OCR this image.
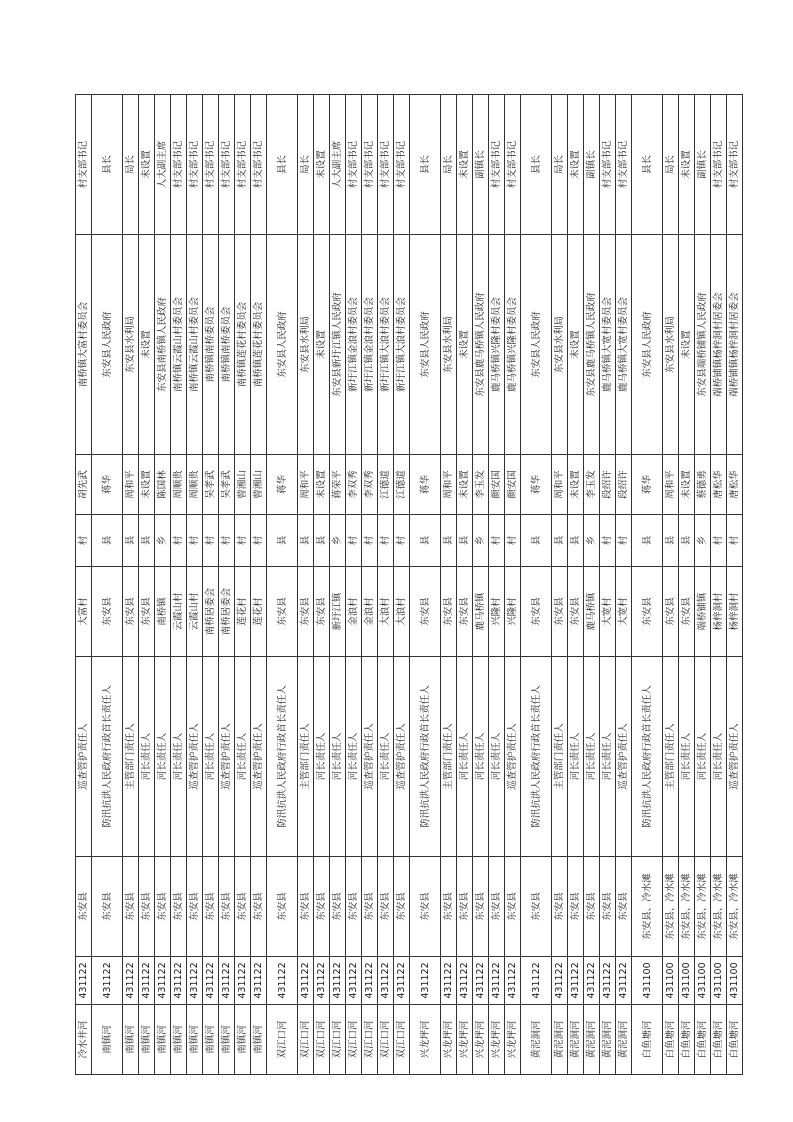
冷水井河	431122	东安县	巡查管护责任人	大富村	村	胡先武	南桥镇大富村委员会	村支部书记
南镇河	431122	东安县	防汛抗洪人民政府行政首长责任人	东安县	县	蒋华	东安县人民政府	县长
南镇河	431122	东安县	主管部门责任人	东安县	县	周和平	东安县水利局	局长
南镇河	431122	东安县	河长责任人	东安县	县	未设置	未设置	未设置
南镇河	431122	东安县	河长责任人	南桥镇	乡	陈国林	东安县南桥镇人民政府	人大副主席
南镇河	431122	东安县	河长责任人	云霞山村	村	周顺贵	南桥镇云霞山村委员会	村支部书记
南镇河	431122	东安县	巡查管护责任人	云霞山村	村	周顺贵	南桥镇云霞山村委员会	村支部书记
南镇河	431122	东安县	河长责任人	南桥居委会	村	吴孝武	南桥镇南桥委员会	村支部书记
南镇河	431122	东安县	巡查管护责任人	南桥居委会	村	吴孝武	南桥镇南桥委员会	村支部书记
南镇河	431122	东安县	河长责任人	莲花村	村	曾湘山	南桥镇莲花村委员会	村支部书记
南镇河	431122	东安县	巡查管护责任人	莲花村	村	曾湘山	南桥镇莲花村委员会	村支部书记
双江口河	431122	东安县	防汛抗洪人民政府行政首长责任人	东安县	县	蒋华	东安县人民政府	县长
双江口河	431122	东安县	主管部门责任人	东安县	县	周和平	东安县水利局	局长
双江口河	431122	东安县	河长责任人	东安县	县	未设置	未设置	未设置
双江口河	431122	东安县	河长责任人	新圩江镇	乡	蒋荣平	东安县新圩江镇人民政府	人大副主席
双江口河	431122	东安县	河长责任人	金浪村	村	李双秀	新圩江镇金浪村委员会	村支部书记
双江口河	431122	东安县	巡查管护责任人	金浪村	村	李双秀	新圩江镇金浪村委员会	村支部书记
双江口河	431122	东安县	河长责任人	大浪村	村	江德道	新圩江镇大浪村委员会	村支部书记
双江口河	431122	东安县	巡查管护责任人	大浪村	村	江德道	新圩江镇大浪村委员会	村支部书记
兴龙坪河	431122	东安县	防汛抗洪人民政府行政首长责任人	东安县	县	蒋华	东安县人民政府	县长
兴龙坪河	431122	东安县	主管部门责任人	东安县	县	周和平	东安县水利局	局长
兴龙坪河	431122	东安县	河长责任人	东安县	县	未设置	未设置	未设置
兴龙坪河	431122	东安县	河长责任人	鹿马桥镇	乡	李玉发	东安县鹿马桥镇人民政府	副镇长
兴龙坪河	431122	东安县	河长责任人	兴隆村	村	颜安国	鹿马桥镇兴隆村委员会	村支部书记
兴龙坪河	431122	东安县	巡查管护责任人	兴隆村	村	颜安国	鹿马桥镇兴隆村委员会	村支部书记
黄泥洞河	431122	东安县	防汛抗洪人民政府行政首长责任人	东安县	县	蒋华	东安县人民政府	县长
黄泥洞河	431122	东安县	主管部门责任人	东安县	县	周和平	东安县水利局	局长
黄泥洞河	431122	东安县	河长责任人	东安县	县	未设置	未设置	未设置
黄泥洞河	431122	东安县	河长责任人	鹿马桥镇	乡	李玉发	东安县鹿马桥镇人民政府	副镇长
黄泥洞河	431122	东安县	河长责任人	大宽村	村	段绍许	鹿马桥镇大宽村委员会	村支部书记
黄泥洞河	431122	东安县	巡查管护责任人	大宽村	村	段绍许	鹿马桥镇大宽村委员会	村支部书记
白鱼塘河	431100	东安县、冷水滩	防汛抗洪人民政府行政首长责任人	东安县	县	蒋华	东安县人民政府	县长
白鱼塘河	431100	东安县、冷水滩	主管部门责任人	东安县	县	周和平	东安县水利局	局长
白鱼塘河	431100	东安县、冷水滩	河长责任人	东安县	县	未设置	未设置	未设置
白鱼塘河	431100	东安县、冷水滩	河长责任人	端桥铺镇	乡	蔡德勇	东安县端桥铺镇人民政府	副镇长
白鱼塘河	431100	东安县、冷水滩	河长责任人	杨梓洞村	村	唐松华	端桥铺镇杨梓洞村居委会	村支部书记
白鱼塘河	431100	东安县、冷水滩	巡查管护责任人	杨梓洞村	村	唐松华	端桥铺镇杨梓洞村居委会	村支部书记
